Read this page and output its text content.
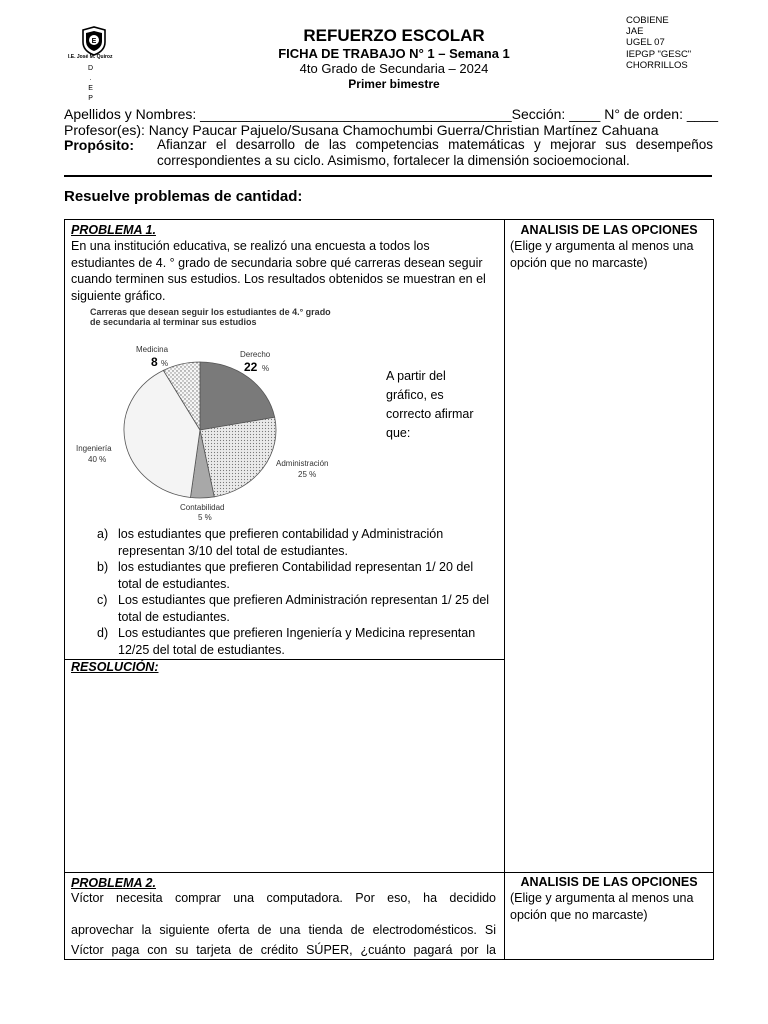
E
I.E. José M. Quiroz
D
.
E
P
REFUERZO ESCOLAR
FICHA DE TRABAJO N° 1 – Semana 1
4to Grado de Secundaria – 2024
Primer bimestre
COBIENE
JAE
UGEL 07
IEPGP "GESC"
CHORRILLOS
Apellidos y Nombres: ________________________________________Sección: ____ N° de orden: ____
Profesor(es): Nancy Paucar Pajuelo/Susana Chamochumbi Guerra/Christian Martínez Cahuana
Propósito: Afianzar el desarrollo de las competencias matemáticas y mejorar sus desempeños correspondientes a su ciclo. Asimismo, fortalecer la dimensión socioemocional.
Resuelve problemas de cantidad:
PROBLEMA 1.
En una institución educativa, se realizó una encuesta a todos los estudiantes de 4. ° grado de secundaria sobre qué carreras desean seguir cuando terminen sus estudios. Los resultados obtenidos se muestran en el siguiente gráfico.
ANALISIS DE LAS OPCIONES
(Elige y argumenta al menos una opción que no marcaste)
Carreras que desean seguir los estudiantes de 4.° grado de secundaria al terminar sus estudios
Medicina
8 %
Derecho
22 %
Administración
25 %
Contabilidad
5 %
Ingeniería
40 %
A partir del gráfico, es correcto afirmar que:
a) los estudiantes que prefieren contabilidad y Administración representan 3/10 del total de estudiantes.
b) los estudiantes que prefieren Contabilidad representan 1/ 20 del total de estudiantes.
c) Los estudiantes que prefieren Administración representan 1/ 25 del total de estudiantes.
d) Los estudiantes que prefieren Ingeniería y Medicina representan 12/25 del total de estudiantes.
RESOLUCIÓN:
PROBLEMA 2.
Víctor necesita comprar una computadora. Por eso, ha decidido
aprovechar la siguiente oferta de una tienda de electrodomésticos. Si
Víctor paga con su tarjeta de crédito SÚPER, ¿cuánto pagará por la
ANALISIS DE LAS OPCIONES
(Elige y argumenta al menos una opción que no marcaste)
